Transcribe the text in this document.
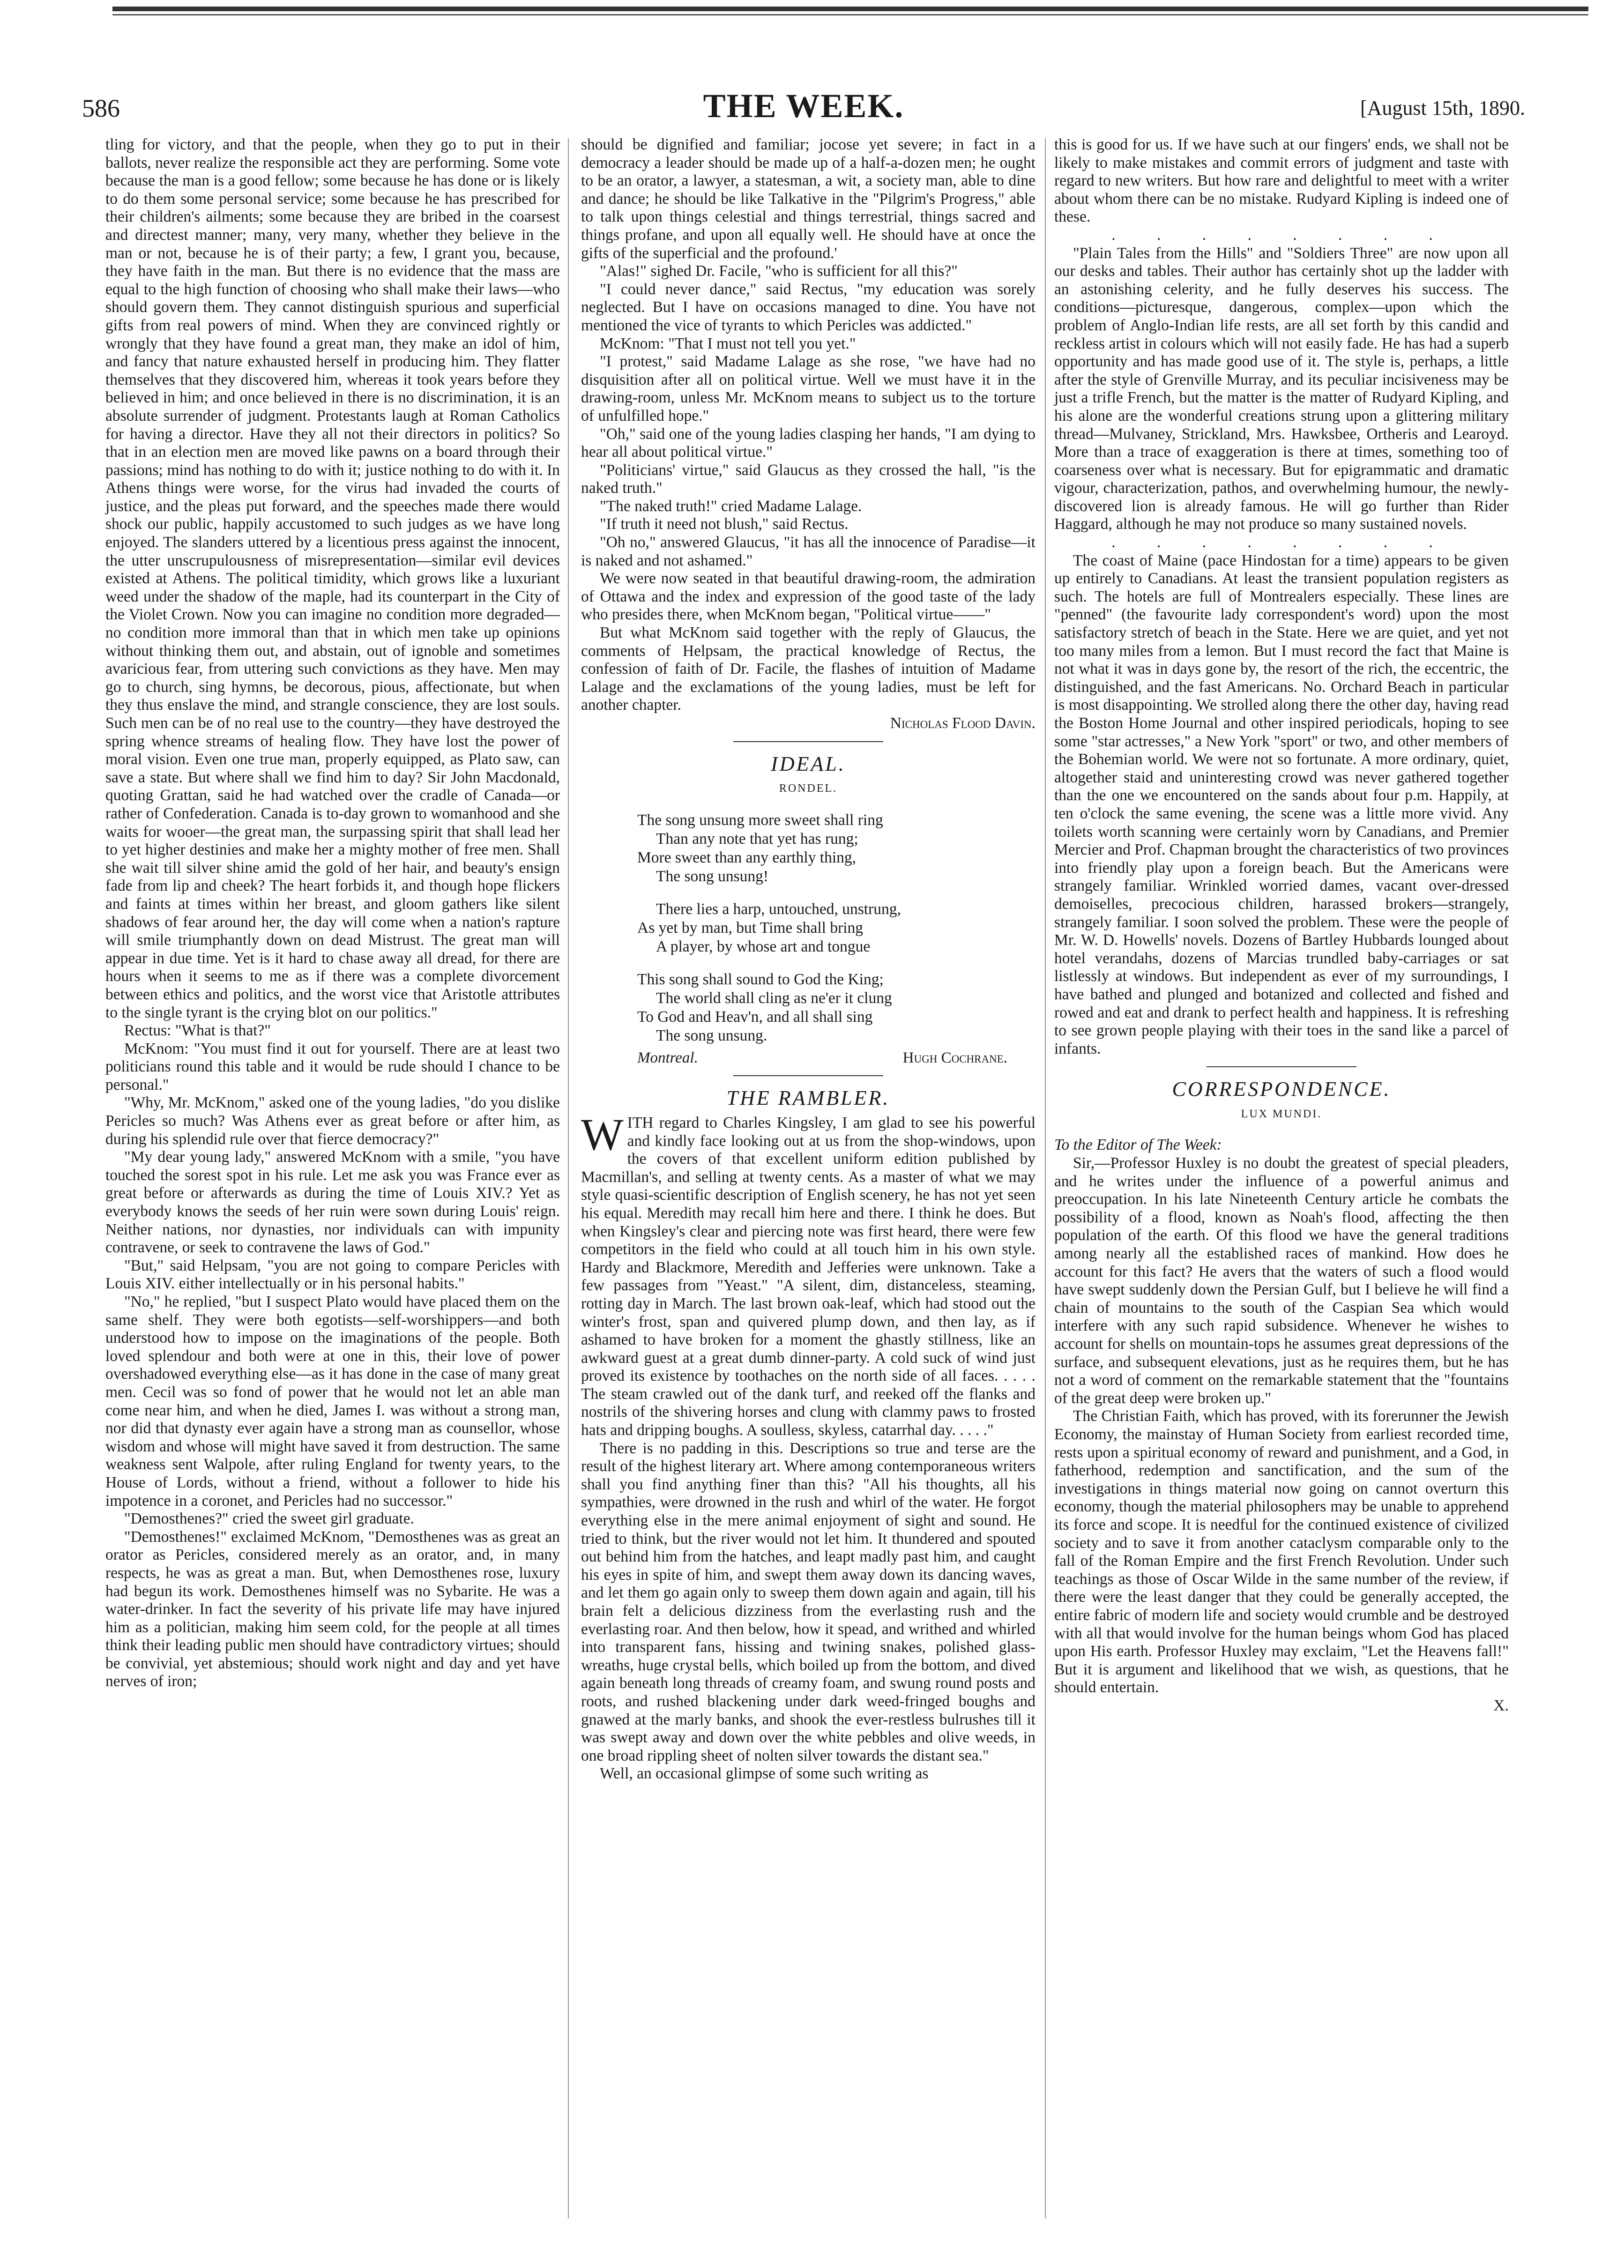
586	THE WEEK.	[August 15th, 1890.

tling for victory, and that the people, when they go to put in their ballots, never realize the responsible act they are performing. Some vote because the man is a good fellow; some because he has done or is likely to do them some personal service; some because he has prescribed for their children's ailments; some because they are bribed in the coarsest and directest manner; many, very many, whether they believe in the man or not, because he is of their party; a few, I grant you, because, they have faith in the man. But there is no evidence that the mass are equal to the high function of choosing who shall make their laws—who should govern them. They cannot distinguish spurious and superficial gifts from real powers of mind. When they are convinced rightly or wrongly that they have found a great man, they make an idol of him, and fancy that nature exhausted herself in producing him. They flatter themselves that they discovered him, whereas it took years before they believed in him; and once believed in there is no discrimination, it is an absolute surrender of judgment. Protestants laugh at Roman Catholics for having a director. Have they all not their directors in politics? So that in an election men are moved like pawns on a board through their passions; mind has nothing to do with it; justice nothing to do with it. In Athens things were worse, for the virus had invaded the courts of justice, and the pleas put forward, and the speeches made there would shock our public, happily accustomed to such judges as we have long enjoyed. The slanders uttered by a licentious press against the innocent, the utter unscrupulousness of misrepresentation—similar evil devices existed at Athens. The political timidity, which grows like a luxuriant weed under the shadow of the maple, had its counterpart in the City of the Violet Crown. Now you can imagine no condition more degraded—no condition more immoral than that in which men take up opinions without thinking them out, and abstain, out of ignoble and sometimes avaricious fear, from uttering such convictions as they have. Men may go to church, sing hymns, be decorous, pious, affectionate, but when they thus enslave the mind, and strangle conscience, they are lost souls. Such men can be of no real use to the country—they have destroyed the spring whence streams of healing flow. They have lost the power of moral vision. Even one true man, properly equipped, as Plato saw, can save a state. But where shall we find him to day? Sir John Macdonald, quoting Grattan, said he had watched over the cradle of Canada—or rather of Confederation. Canada is to-day grown to womanhood and she waits for wooer—the great man, the surpassing spirit that shall lead her to yet higher destinies and make her a mighty mother of free men. Shall she wait till silver shine amid the gold of her hair, and beauty's ensign fade from lip and cheek? The heart forbids it, and though hope flickers and faints at times within her breast, and gloom gathers like silent shadows of fear around her, the day will come when a nation's rapture will smile triumphantly down on dead Mistrust. The great man will appear in due time. Yet is it hard to chase away all dread, for there are hours when it seems to me as if there was a complete divorcement between ethics and politics, and the worst vice that Aristotle attributes to the single tyrant is the crying blot on our politics."

Rectus: "What is that?"

McKnom: "You must find it out for yourself. There are at least two politicians round this table and it would be rude should I chance to be personal."

"Why, Mr. McKnom," asked one of the young ladies, "do you dislike Pericles so much? Was Athens ever as great before or after him, as during his splendid rule over that fierce democracy?"

"My dear young lady," answered McKnom with a smile, "you have touched the sorest spot in his rule. Let me ask you was France ever as great before or afterwards as during the time of Louis XIV.? Yet as everybody knows the seeds of her ruin were sown during Louis' reign. Neither nations, nor dynasties, nor individuals can with impunity contravene, or seek to contravene the laws of God."

"But," said Helpsam, "you are not going to compare Pericles with Louis XIV. either intellectually or in his personal habits."

"No," he replied, "but I suspect Plato would have placed them on the same shelf. They were both egotists—self-worshippers—and both understood how to impose on the imaginations of the people. Both loved splendour and both were at one in this, their love of power overshadowed everything else—as it has done in the case of many great men. Cecil was so fond of power that he would not let an able man come near him, and when he died, James I. was without a strong man, nor did that dynasty ever again have a strong man as counsellor, whose wisdom and whose will might have saved it from destruction. The same weakness sent Walpole, after ruling England for twenty years, to the House of Lords, without a friend, without a follower to hide his impotence in a coronet, and Pericles had no successor."

"Demosthenes?" cried the sweet girl graduate.

"Demosthenes!" exclaimed McKnom, "Demosthenes was as great an orator as Pericles, considered merely as an orator, and, in many respects, he was as great a man. But, when Demosthenes rose, luxury had begun its work. Demosthenes himself was no Sybarite. He was a water-drinker. In fact the severity of his private life may have injured him as a politician, making him seem cold, for the people at all times think their leading public men should have contradictory virtues; should be convivial, yet abstemious; should work night and day and yet have nerves of iron;

should be dignified and familiar; jocose yet severe; in fact in a democracy a leader should be made up of a half-a-dozen men; he ought to be an orator, a lawyer, a statesman, a wit, a society man, able to dine and dance; he should be like Talkative in the "Pilgrim's Progress," able to talk upon things celestial and things terrestrial, things sacred and things profane, and upon all equally well. He should have at once the gifts of the superficial and the profound.'

"Alas!" sighed Dr. Facile, "who is sufficient for all this?"

"I could never dance," said Rectus, "my education was sorely neglected. But I have on occasions managed to dine. You have not mentioned the vice of tyrants to which Pericles was addicted."

McKnom: "That I must not tell you yet."

"I protest," said Madame Lalage as she rose, "we have had no disquisition after all on political virtue. Well we must have it in the drawing-room, unless Mr. McKnom means to subject us to the torture of unfulfilled hope."

"Oh," said one of the young ladies clasping her hands, "I am dying to hear all about political virtue."

"Politicians' virtue," said Glaucus as they crossed the hall, "is the naked truth."

"The naked truth!" cried Madame Lalage.

"If truth it need not blush," said Rectus.

"Oh no," answered Glaucus, "it has all the innocence of Paradise—it is naked and not ashamed."

We were now seated in that beautiful drawing-room, the admiration of Ottawa and the index and expression of the good taste of the lady who presides there, when McKnom began, "Political virtue——"

But what McKnom said together with the reply of Glaucus, the comments of Helpsam, the practical knowledge of Rectus, the confession of faith of Dr. Facile, the flashes of intuition of Madame Lalage and the exclamations of the young ladies, must be left for another chapter.

Nicholas Flood Davin.

IDEAL.
RONDEL.
The song unsung more sweet shall ring
Than any note that yet has rung;
More sweet than any earthly thing,
The song unsung!
There lies a harp, untouched, unstrung,
As yet by man, but Time shall bring
A player, by whose art and tongue
This song shall sound to God the King;
The world shall cling as ne'er it clung
To God and Heav'n, and all shall sing
The song unsung.
Montreal.	Hugh Cochrane.
THE RAMBLER.

WITH regard to Charles Kingsley, I am glad to see his powerful and kindly face looking out at us from the shop-windows, upon the covers of that excellent uniform edition published by Macmillan's, and selling at twenty cents. As a master of what we may style quasi-scientific description of English scenery, he has not yet seen his equal. Meredith may recall him here and there. I think he does. But when Kingsley's clear and piercing note was first heard, there were few competitors in the field who could at all touch him in his own style. Hardy and Blackmore, Meredith and Jefferies were unknown. Take a few passages from "Yeast." "A silent, dim, distanceless, steaming, rotting day in March. The last brown oak-leaf, which had stood out the winter's frost, span and quivered plump down, and then lay, as if ashamed to have broken for a moment the ghastly stillness, like an awkward guest at a great dumb dinner-party. A cold suck of wind just proved its existence by toothaches on the north side of all faces. . . . . The steam crawled out of the dank turf, and reeked off the flanks and nostrils of the shivering horses and clung with clammy paws to frosted hats and dripping boughs. A soulless, skyless, catarrhal day. . . . ."

There is no padding in this. Descriptions so true and terse are the result of the highest literary art. Where among contemporaneous writers shall you find anything finer than this? "All his thoughts, all his sympathies, were drowned in the rush and whirl of the water. He forgot everything else in the mere animal enjoyment of sight and sound. He tried to think, but the river would not let him. It thundered and spouted out behind him from the hatches, and leapt madly past him, and caught his eyes in spite of him, and swept them away down its dancing waves, and let them go again only to sweep them down again and again, till his brain felt a delicious dizziness from the everlasting rush and the everlasting roar. And then below, how it spead, and writhed and whirled into transparent fans, hissing and twining snakes, polished glass-wreaths, huge crystal bells, which boiled up from the bottom, and dived again beneath long threads of creamy foam, and swung round posts and roots, and rushed blackening under dark weed-fringed boughs and gnawed at the marly banks, and shook the ever-restless bulrushes till it was swept away and down over the white pebbles and olive weeds, in one broad rippling sheet of nolten silver towards the distant sea."

Well, an occasional glimpse of some such writing as

this is good for us. If we have such at our fingers' ends, we shall not be likely to make mistakes and commit errors of judgment and taste with regard to new writers. But how rare and delightful to meet with a writer about whom there can be no mistake. Rudyard Kipling is indeed one of these.

. . . . . . . .

"Plain Tales from the Hills" and "Soldiers Three" are now upon all our desks and tables. Their author has certainly shot up the ladder with an astonishing celerity, and he fully deserves his success. The conditions—picturesque, dangerous, complex—upon which the problem of Anglo-Indian life rests, are all set forth by this candid and reckless artist in colours which will not easily fade. He has had a superb opportunity and has made good use of it. The style is, perhaps, a little after the style of Grenville Murray, and its peculiar incisiveness may be just a trifle French, but the matter is the matter of Rudyard Kipling, and his alone are the wonderful creations strung upon a glittering military thread—Mulvaney, Strickland, Mrs. Hawksbee, Ortheris and Learoyd. More than a trace of exaggeration is there at times, something too of coarseness over what is necessary. But for epigrammatic and dramatic vigour, characterization, pathos, and overwhelming humour, the newly-discovered lion is already famous. He will go further than Rider Haggard, although he may not produce so many sustained novels.

. . . . . . . .

The coast of Maine (pace Hindostan for a time) appears to be given up entirely to Canadians. At least the transient population registers as such. The hotels are full of Montrealers especially. These lines are "penned" (the favourite lady correspondent's word) upon the most satisfactory stretch of beach in the State. Here we are quiet, and yet not too many miles from a lemon. But I must record the fact that Maine is not what it was in days gone by, the resort of the rich, the eccentric, the distinguished, and the fast Americans. No. Orchard Beach in particular is most disappointing. We strolled along there the other day, having read the Boston Home Journal and other inspired periodicals, hoping to see some "star actresses," a New York "sport" or two, and other members of the Bohemian world. We were not so fortunate. A more ordinary, quiet, altogether staid and uninteresting crowd was never gathered together than the one we encountered on the sands about four p.m. Happily, at ten o'clock the same evening, the scene was a little more vivid. Any toilets worth scanning were certainly worn by Canadians, and Premier Mercier and Prof. Chapman brought the characteristics of two provinces into friendly play upon a foreign beach. But the Americans were strangely familiar. Wrinkled worried dames, vacant over-dressed demoiselles, precocious children, harassed brokers—strangely, strangely familiar. I soon solved the problem. These were the people of Mr. W. D. Howells' novels. Dozens of Bartley Hubbards lounged about hotel verandahs, dozens of Marcias trundled baby-carriages or sat listlessly at windows. But independent as ever of my surroundings, I have bathed and plunged and botanized and collected and fished and rowed and eat and drank to perfect health and happiness. It is refreshing to see grown people playing with their toes in the sand like a parcel of infants.

CORRESPONDENCE.
LUX MUNDI.

To the Editor of The Week:

Sir,—Professor Huxley is no doubt the greatest of special pleaders, and he writes under the influence of a powerful animus and preoccupation. In his late Nineteenth Century article he combats the possibility of a flood, known as Noah's flood, affecting the then population of the earth. Of this flood we have the general traditions among nearly all the established races of mankind. How does he account for this fact? He avers that the waters of such a flood would have swept suddenly down the Persian Gulf, but I believe he will find a chain of mountains to the south of the Caspian Sea which would interfere with any such rapid subsidence. Whenever he wishes to account for shells on mountain-tops he assumes great depressions of the surface, and subsequent elevations, just as he requires them, but he has not a word of comment on the remarkable statement that the "fountains of the great deep were broken up."

The Christian Faith, which has proved, with its forerunner the Jewish Economy, the mainstay of Human Society from earliest recorded time, rests upon a spiritual economy of reward and punishment, and a God, in fatherhood, redemption and sanctification, and the sum of the investigations in things material now going on cannot overturn this economy, though the material philosophers may be unable to apprehend its force and scope. It is needful for the continued existence of civilized society and to save it from another cataclysm comparable only to the fall of the Roman Empire and the first French Revolution. Under such teachings as those of Oscar Wilde in the same number of the review, if there were the least danger that they could be generally accepted, the entire fabric of modern life and society would crumble and be destroyed with all that would involve for the human beings whom God has placed upon His earth. Professor Huxley may exclaim, "Let the Heavens fall!" But it is argument and likelihood that we wish, as questions, that he should entertain.

X.
